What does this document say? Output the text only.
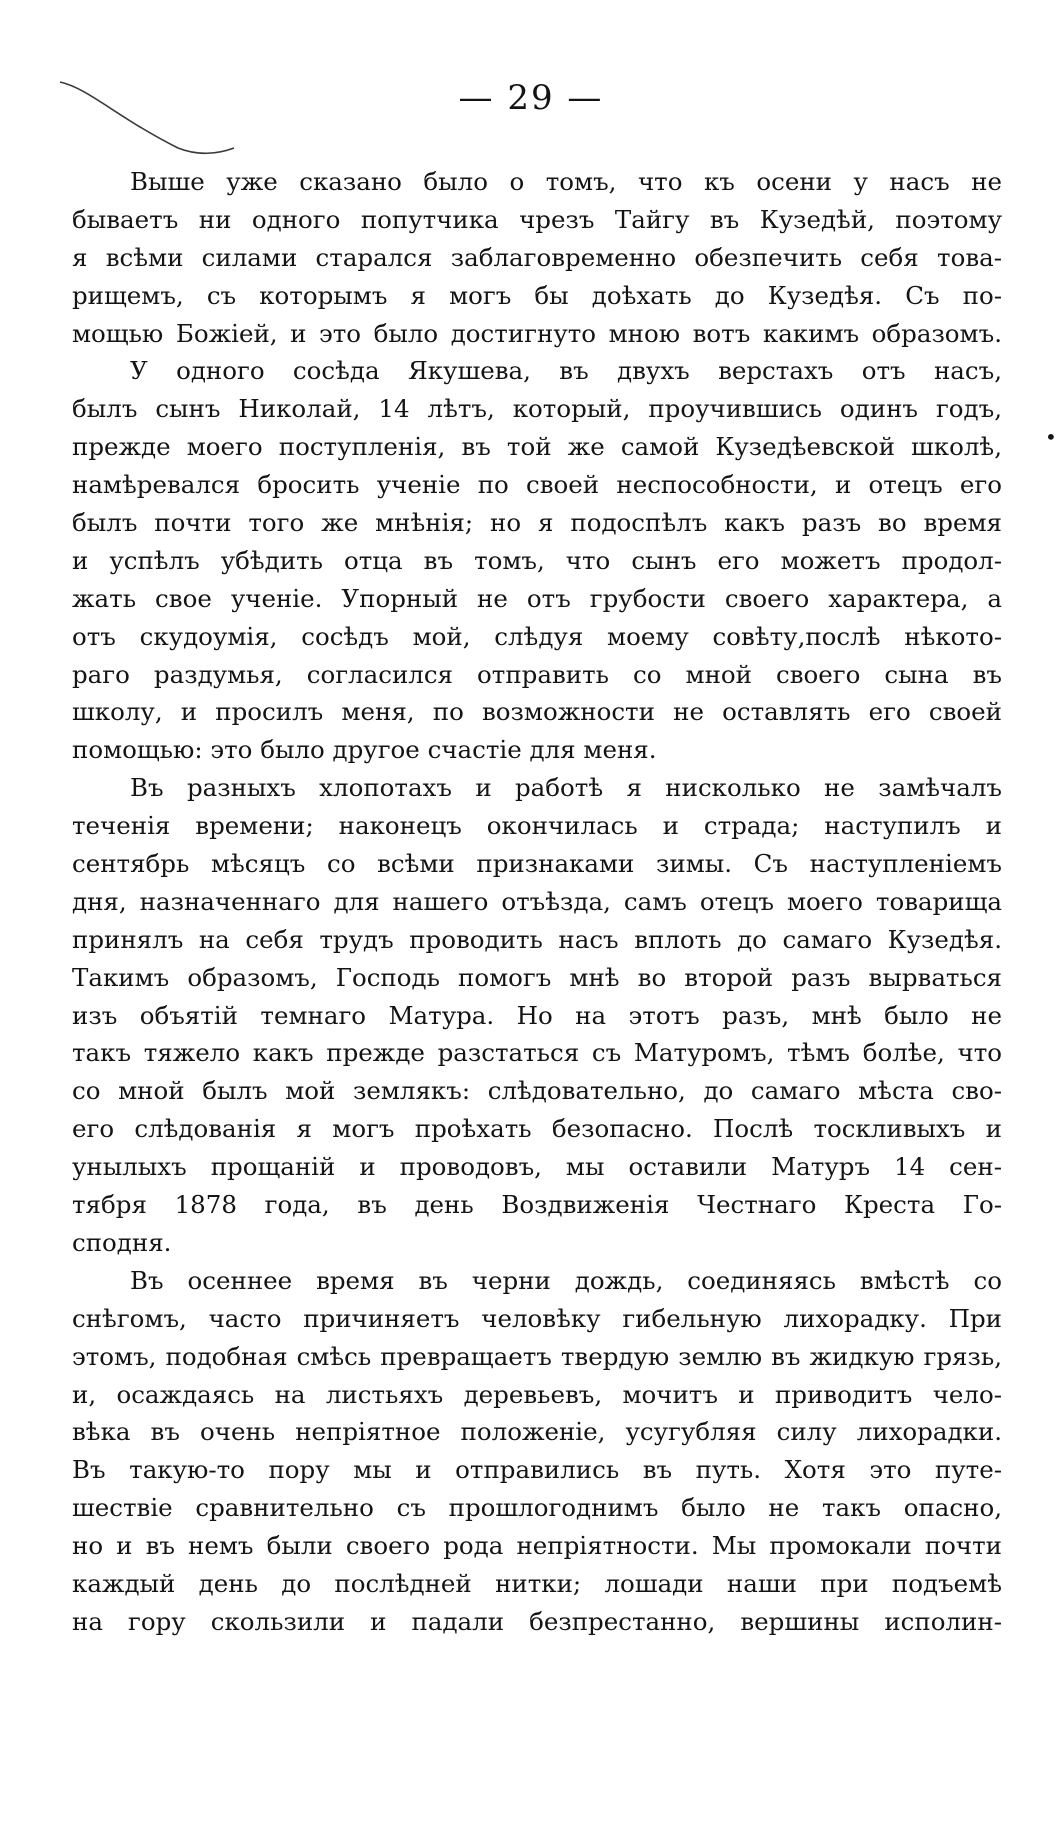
— 29 —
•
Выше уже сказано было о томъ, что къ осени у насъ не
бываетъ ни одного попутчика чрезъ Тайгу въ Кузедѣй, поэтому
я всѣми силами старался заблаговременно обезпечить себя това-
рищемъ, съ которымъ я могъ бы доѣхать до Кузедѣя. Съ по-
мощью Божіей, и это было достигнуто мною вотъ какимъ образомъ.
У одного сосѣда Якушева, въ двухъ верстахъ отъ насъ,
былъ сынъ Николай, 14 лѣтъ, который, проучившись одинъ годъ,
прежде моего поступленія, въ той же самой Кузедѣевской школѣ,
намѣревался бросить ученіе по своей неспособности, и отецъ его
былъ почти того же мнѣнія; но я подоспѣлъ какъ разъ во время
и успѣлъ убѣдить отца въ томъ, что сынъ его можетъ продол-
жать свое ученіе. Упорный не отъ грубости своего характера, а
отъ скудоумія, сосѣдъ мой, слѣдуя моему совѣту,послѣ нѣкото-
раго раздумья, согласился отправить со мной своего сына въ
школу, и просилъ меня, по возможности не оставлять его своей
помощью: это было другое счастіе для меня.
Въ разныхъ хлопотахъ и работѣ я нисколько не замѣчалъ
теченія времени; наконецъ окончилась и страда; наступилъ и
сентябрь мѣсяцъ со всѣми признаками зимы. Съ наступленіемъ
дня, назначеннаго для нашего отъѣзда, самъ отецъ моего товарища
принялъ на себя трудъ проводить насъ вплоть до самаго Кузедѣя.
Такимъ образомъ, Господь помогъ мнѣ во второй разъ вырваться
изъ объятій темнаго Матура. Но на этотъ разъ, мнѣ было не
такъ тяжело какъ прежде разстаться съ Матуромъ, тѣмъ болѣе, что
со мной былъ мой землякъ: слѣдовательно, до самаго мѣста сво-
его слѣдованія я могъ проѣхать безопасно. Послѣ тоскливыхъ и
унылыхъ прощаній и проводовъ, мы оставили Матуръ 14 сен-
тября 1878 года, въ день Воздвиженія Честнаго Креста Го-
сподня.
Въ осеннее время въ черни дождь, соединяясь вмѣстѣ со
снѣгомъ, часто причиняетъ человѣку гибельную лихорадку. При
этомъ, подобная смѣсь превращаетъ твердую землю въ жидкую грязь,
и, осаждаясь на листьяхъ деревьевъ, мочитъ и приводитъ чело-
вѣка въ очень непріятное положеніе, усугубляя силу лихорадки.
Въ такую-то пору мы и отправились въ путь. Хотя это путе-
шествіе сравнительно съ прошлогоднимъ было не такъ опасно,
но и въ немъ были своего рода непріятности. Мы промокали почти
каждый день до послѣдней нитки; лошади наши при подъемѣ
на гору скользили и падали безпрестанно, вершины исполин-
